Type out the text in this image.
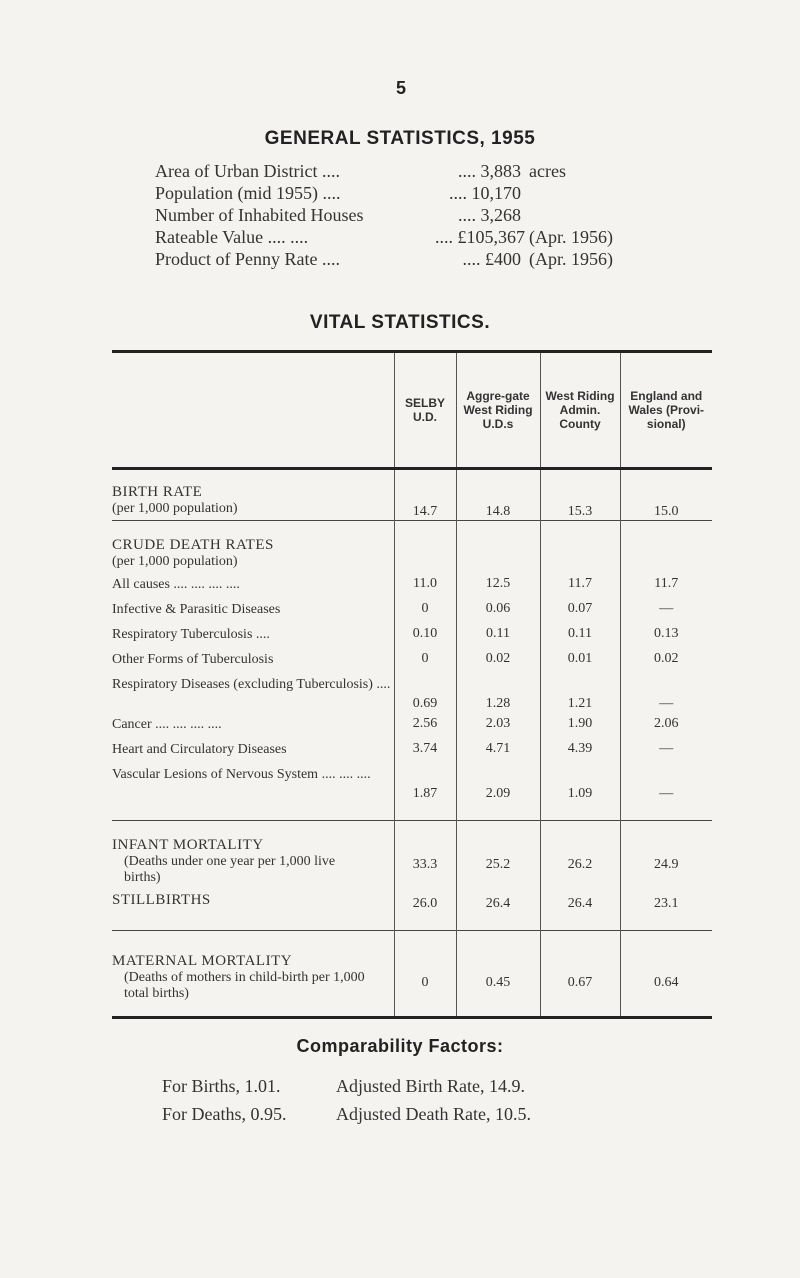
5
GENERAL STATISTICS, 1955
Area of Urban District ....	.... 3,883 acres
Population (mid 1955) ....	.... 10,170
Number of Inhabited Houses	.... 3,268
Rateable Value .... ....	.... £105,367 (Apr. 1956)
Product of Penny Rate ....	.... £400 (Apr. 1956)
VITAL STATISTICS.
	SELBY U.D.	Aggre-gate West Riding U.D.s	West Riding Admin. County	England and Wales (Provi-sional)

BIRTH RATE
(per 1,000 population)	14.7	14.8	15.3	15.0

CRUDE DEATH RATES
(per 1,000 population)				

All causes .... .... .... ....	11.0	12.5	11.7	11.7
Infective & Parasitic Diseases	0	0.06	0.07	—
Respiratory Tuberculosis ....	0.10	0.11	0.11	0.13
Other Forms of Tuberculosis	0	0.02	0.01	0.02
Respiratory Diseases (excluding Tuberculosis) ....	0.69	1.28	1.21	—
Cancer .... .... .... ....	2.56	2.03	1.90	2.06
Heart and Circulatory Diseases	3.74	4.71	4.39	—
Vascular Lesions of Nervous System .... .... ....	1.87	2.09	1.09	—

INFANT MORTALITY
(Deaths under one year per 1,000 live births)	33.3	25.2	26.2	24.9
STILLBIRTHS	26.0	26.4	26.4	23.1

MATERNAL MORTALITY
(Deaths of mothers in child-birth per 1,000 total births)	0	0.45	0.67	0.64

Comparability Factors:
For Births, 1.01.	Adjusted Birth Rate, 14.9.
For Deaths, 0.95.	Adjusted Death Rate, 10.5.
